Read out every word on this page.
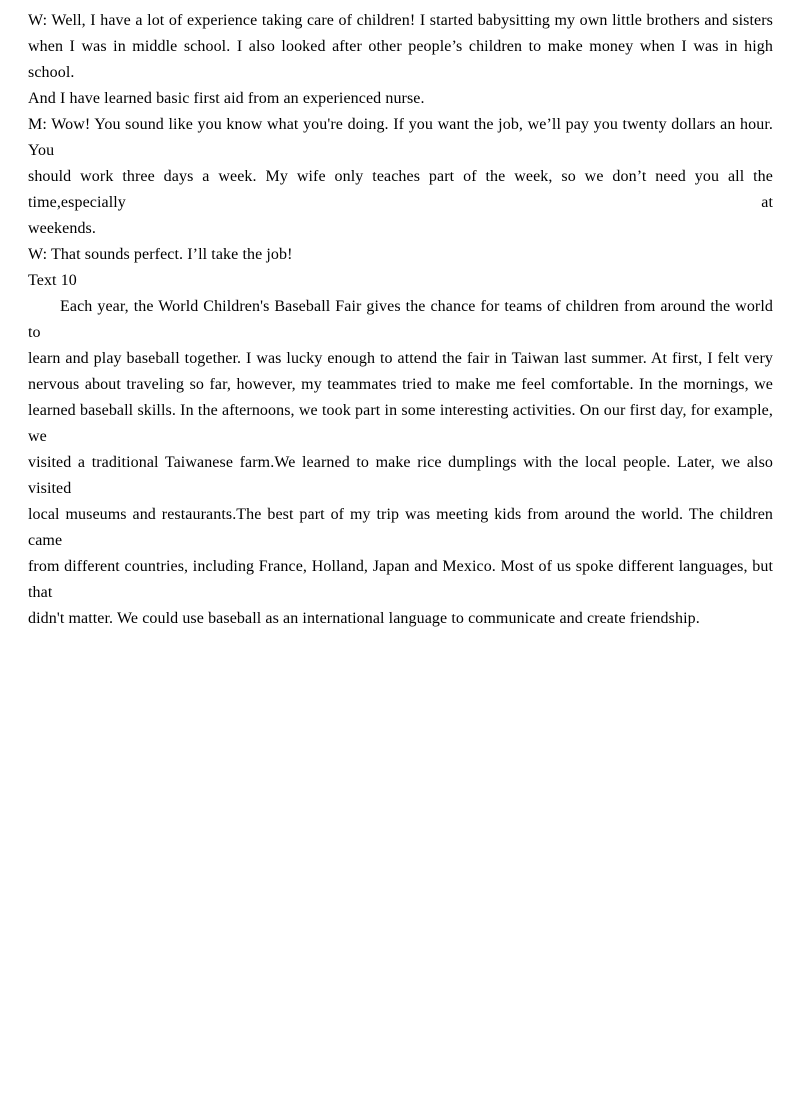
W: Well, I have a lot of experience taking care of children! I started babysitting my own little brothers and sisters
when I was in middle school. I also looked after other people’s children to make money when I was in high school.
And I have learned basic first aid from an experienced nurse.
M: Wow! You sound like you know what you're doing. If you want the job, we’ll pay you twenty dollars an hour. You
should work three days a week. My wife only teaches part of the week, so we don’t need you all the time,especially at
weekends.
W: That sounds perfect. I’ll take the job!
Text 10
Each year, the World Children's Baseball Fair gives the chance for teams of children from around the world to
learn and play baseball together. I was lucky enough to attend the fair in Taiwan last summer. At first, I felt very
nervous about traveling so far, however, my teammates tried to make me feel comfortable. In the mornings, we
learned baseball skills. In the afternoons, we took part in some interesting activities. On our first day, for example, we
visited a traditional Taiwanese farm.We learned to make rice dumplings with the local people. Later, we also visited
local museums and restaurants.The best part of my trip was meeting kids from around the world. The children came
from different countries, including France, Holland, Japan and Mexico. Most of us spoke different languages, but that
didn't matter. We could use baseball as an international language to communicate and create friendship.
